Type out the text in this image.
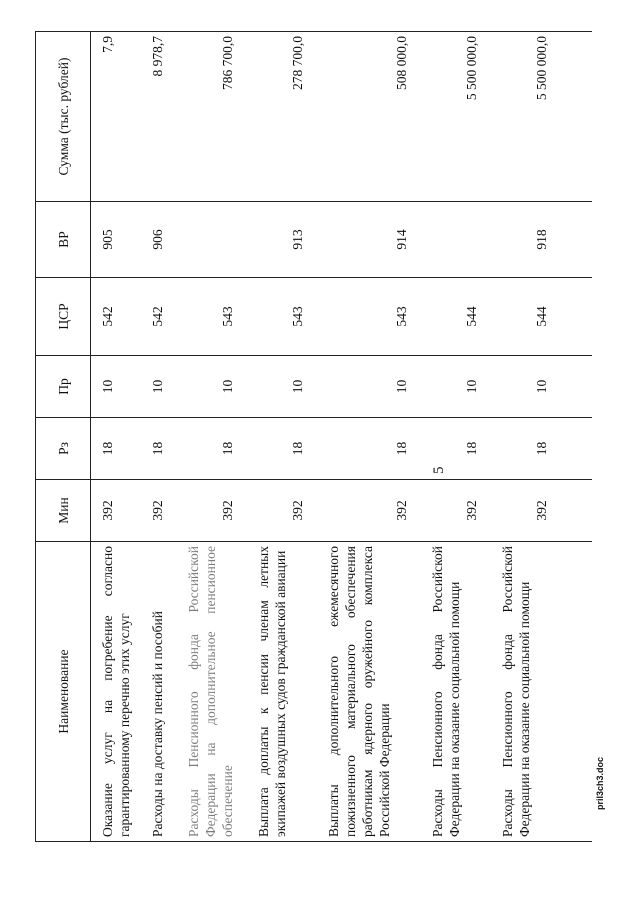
5
Наименование	Мин	Рз	Пр	ЦСР	ВР	Сумма (тыс. рублей)
Оказание услуг на погребение согласно гарантированному перечню этих услуг	392	18	10	542	905	7,9
Расходы на доставку пенсий и пособий	392	18	10	542	906	8 978,7
Расходы Пенсионного фонда Российской Федерации на дополнительное пенсионное обеспечение	392	18	10	543		786 700,0
Выплата доплаты к пенсии членам летных экипажей воздушных судов гражданской авиации	392	18	10	543	913	278 700,0
Выплаты дополнительного ежемесячного пожизненного материального обеспечения работникам ядерного оружейного комплекса Российской Федерации	392	18	10	543	914	508 000,0
Расходы Пенсионного фонда Российской Федерации на оказание социальной помощи	392	18	10	544		5 500 000,0
Расходы Пенсионного фонда Российской Федерации на оказание социальной помощи	392	18	10	544	918	5 500 000,0
pril3ch3.doc
